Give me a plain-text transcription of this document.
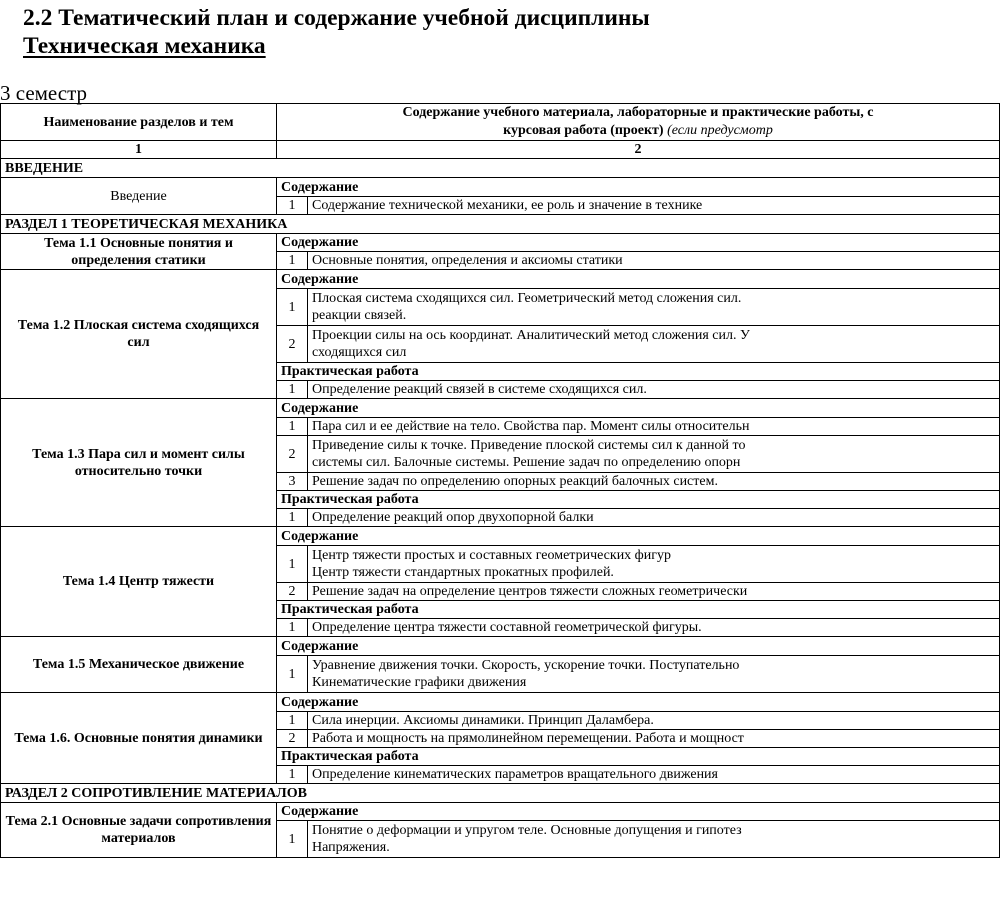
2.2 Тематический план и содержание учебной дисциплины
Техническая механика
3 семестр
Наименование разделов и тем	Содержание учебного материала, лабораторные и практические работы, с
курсовая работа (проект) (если предусмотр	

1	2	
ВВЕДЕНИЕ		
Введение	Содержание	
	1	Содержание технической механики, ее роль и значение в технике
РАЗДЕЛ 1 ТЕОРЕТИЧЕСКАЯ МЕХАНИКА		
Тема 1.1 Основные понятия и определения статики	Содержание	
	1	Основные понятия, определения и аксиомы статики
Тема 1.2 Плоская система сходящихся сил	Содержание	
	1	Плоская система сходящихся сил. Геометрический метод сложения сил.
реакции связей.

	2	Проекции силы на ось координат. Аналитический метод сложения сил. У
сходящихся сил

	Практическая работа	
	1	Определение реакций связей в системе сходящихся сил.
Тема 1.3 Пара сил и момент силы относительно точки	Содержание	
	1	Пара сил и ее действие на тело. Свойства пар. Момент силы относительн
	2	Приведение силы к точке. Приведение плоской системы сил к данной то
системы сил. Балочные системы. Решение задач по определению опорн

	3	Решение задач по определению опорных реакций балочных систем.
	Практическая работа	
	1	Определение реакций опор двухопорной балки
Тема 1.4 Центр тяжести	Содержание	
	1	Центр тяжести простых и составных геометрических фигур
Центр тяжести стандартных прокатных профилей.

	2	Решение задач на определение центров тяжести сложных геометрически
	Практическая работа	
	1	Определение центра тяжести составной геометрической фигуры.
Тема 1.5 Механическое движение	Содержание	
	1	Уравнение движения точки. Скорость, ускорение точки. Поступательно
Кинематические графики движения

Тема 1.6. Основные понятия динамики	Содержание	
	1	Сила инерции. Аксиомы динамики. Принцип Даламбера.
	2	Работа и мощность на прямолинейном перемещении. Работа и мощност
	Практическая работа	
	1	Определение кинематических параметров вращательного движения
РАЗДЕЛ 2 СОПРОТИВЛЕНИЕ МАТЕРИАЛОВ		
Тема 2.1 Основные задачи сопротивления материалов	Содержание	
	1	Понятие о деформации и упругом теле. Основные допущения и гипотез
Напряжения.
